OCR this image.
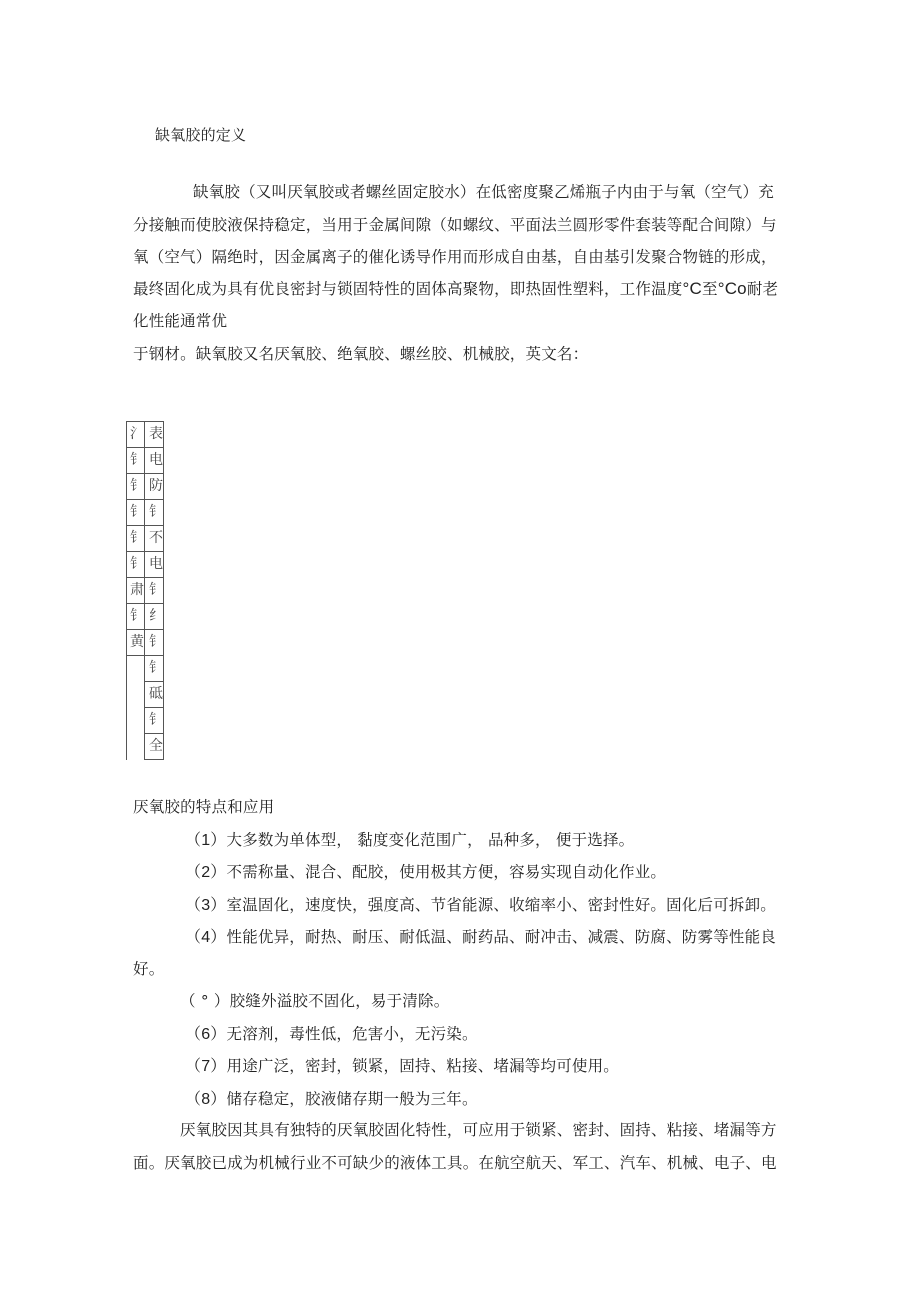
缺氧胶的定义
缺氧胶（又叫厌氧胶或者螺丝固定胶水）在低密度聚乙烯瓶子内由于与氧（空气）充
分接触而使胶液保持稳定，当用于金属间隙（如螺纹、平面法兰圆形零件套装等配合间隙）与
氧（空气）隔绝时，因金属离子的催化诱导作用而形成自由基，自由基引发聚合物链的形成，
最终固化成为具有优良密封与锁固特性的固体高聚物，即热固性塑料，工作温度°C至°Co耐老
化性能通常优
于钢材。缺氧胶又名厌氧胶、绝氧胶、螺丝胶、机械胶，英文名：
氵	表
钅	电
钅	防
钅	钅
钅	不
钅	电
肃	钅
钅	纟
黄	钅
	钅
	砥
	钅
	全
厌氧胶的特点和应用
（1）大多数为单体型， 黏度变化范围广， 品种多， 便于选择。
（2）不需称量、混合、配胶，使用极其方便，容易实现自动化作业。
（3）室温固化，速度快，强度高、节省能源、收缩率小、密封性好。固化后可拆卸。
（4）性能优异，耐热、耐压、耐低温、耐药品、耐冲击、减震、防腐、防雾等性能良
好。
（ ° ）胶缝外溢胶不固化，易于清除。
（6）无溶剂，毒性低，危害小，无污染。
（7）用途广泛，密封，锁紧，固持、粘接、堵漏等均可使用。
（8）储存稳定，胶液储存期一般为三年。
厌氧胶因其具有独特的厌氧胶固化特性，可应用于锁紧、密封、固持、粘接、堵漏等方
面。厌氧胶已成为机械行业不可缺少的液体工具。在航空航天、军工、汽车、机械、电子、电
